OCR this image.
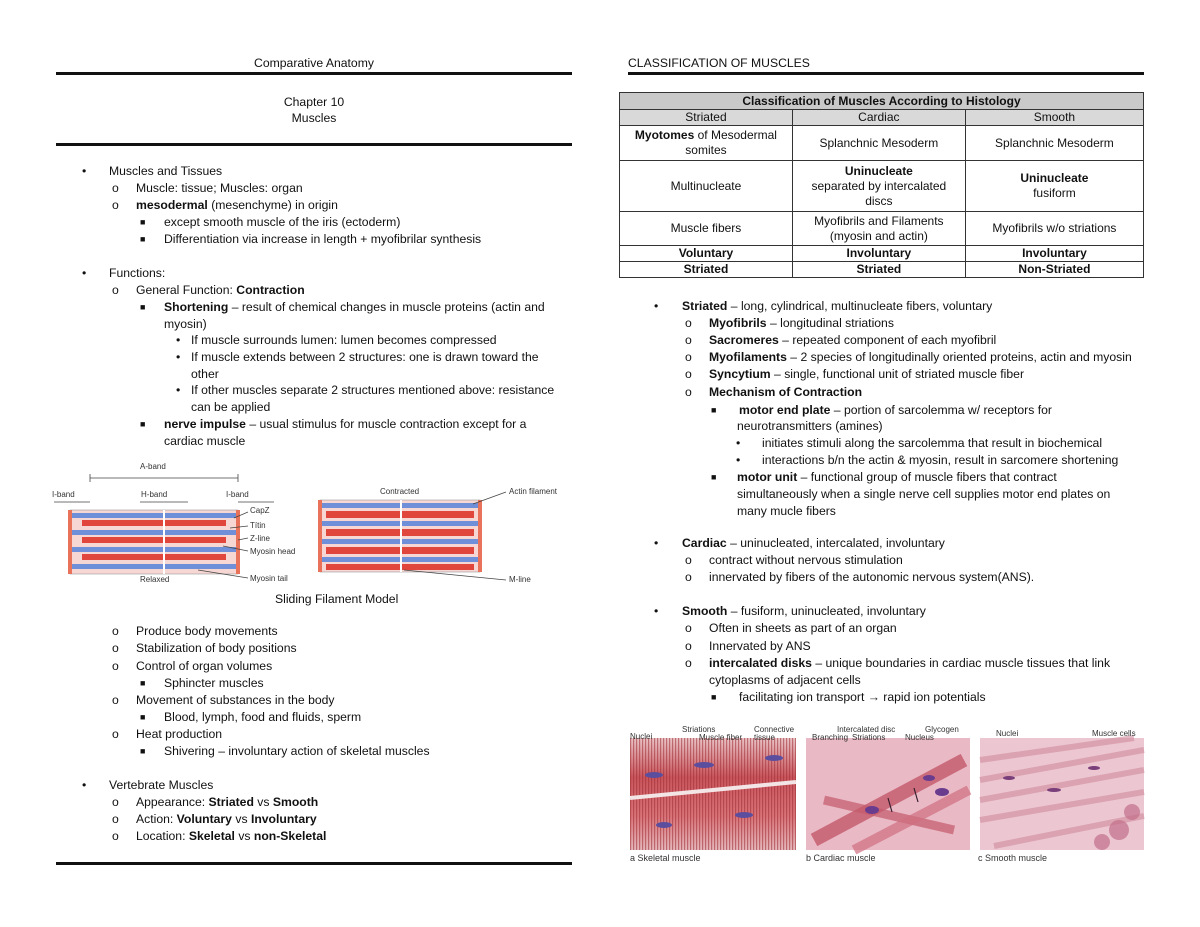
Comparative Anatomy
Chapter 10
Muscles
• Muscles and Tissues
o Muscle: tissue; Muscles: organ
o mesodermal (mesenchyme) in origin
■ except smooth muscle of the iris (ectoderm)
■ Differentiation via increase in length + myofibrilar synthesis
• Functions:
o General Function: Contraction
■ Shortening – result of chemical changes in muscle proteins (actin and
myosin)
• If muscle surrounds lumen: lumen becomes compressed
• If muscle extends between 2 structures: one is drawn toward the
other
• If other muscles separate 2 structures mentioned above: resistance
can be applied
■ nerve impulse – usual stimulus for muscle contraction except for a
cardiac muscle
A-band
I-band	H-band	I-band
CapZ
Títin
Z-line
Myosin head
Myosin tail
Relaxed
Contracted	Actin filament
M-line
Sliding Filament Model
o Produce body movements
o Stabilization of body positions
o Control of organ volumes
■ Sphincter muscles
o Movement of substances in the body
■ Blood, lymph, food and fluids, sperm
o Heat production
■ Shivering – involuntary action of skeletal muscles
• Vertebrate Muscles
o Appearance: Striated vs Smooth
o Action: Voluntary vs Involuntary
o Location: Skeletal vs non-Skeletal
CLASSIFICATION OF MUSCLES
Classification of Muscles According to Histology		
Striated	Cardiac	Smooth
Myotomes of Mesodermal
somites	Splanchnic Mesoderm	Splanchnic Mesoderm
Multinucleate	Uninucleate
separated by intercalated
discs	Uninucleate
fusiform
Muscle fibers	Myofibrils and Filaments
(myosin and actin)	Myofibrils w/o striations
Voluntary	Involuntary	Involuntary
Striated	Striated	Non-Striated
• Striated – long, cylindrical, multinucleate fibers, voluntary
o Myofibrils – longitudinal striations
o Sacromeres – repeated component of each myofibril
o Myofilaments – 2 species of longitudinally oriented proteins, actin and myosin
o Syncytium – single, functional unit of striated muscle fiber
o Mechanism of Contraction
■ motor end plate – portion of sarcolemma w/ receptors for
neurotransmitters (amines)
• initiates stimuli along the sarcolemma that result in biochemical
• interactions b/n the actin & myosin, result in sarcomere shortening
■ motor unit – functional group of muscle fibers that contract
simultaneously when a single nerve cell supplies motor end plates on
many mucle fibers
• Cardiac – uninucleated, intercalated, involuntary
o contract without nervous stimulation
o innervated by fibers of the autonomic nervous system(ANS).
• Smooth – fusiform, uninucleated, involuntary
o Often in sheets as part of an organ
o Innervated by ANS
o intercalated disks – unique boundaries in cardiac muscle tissues that link
cytoplasms of adjacent cells
■ facilitating ion transport → rapid ion potentials
Nuclei
Striations
Muscle fiber
Connective
tissue
Intercalated disc	Glycogen
Branching Striations Nucleus	Nuclei	Muscle cells
a Skeletal muscle	b Cardiac muscle	c Smooth muscle
